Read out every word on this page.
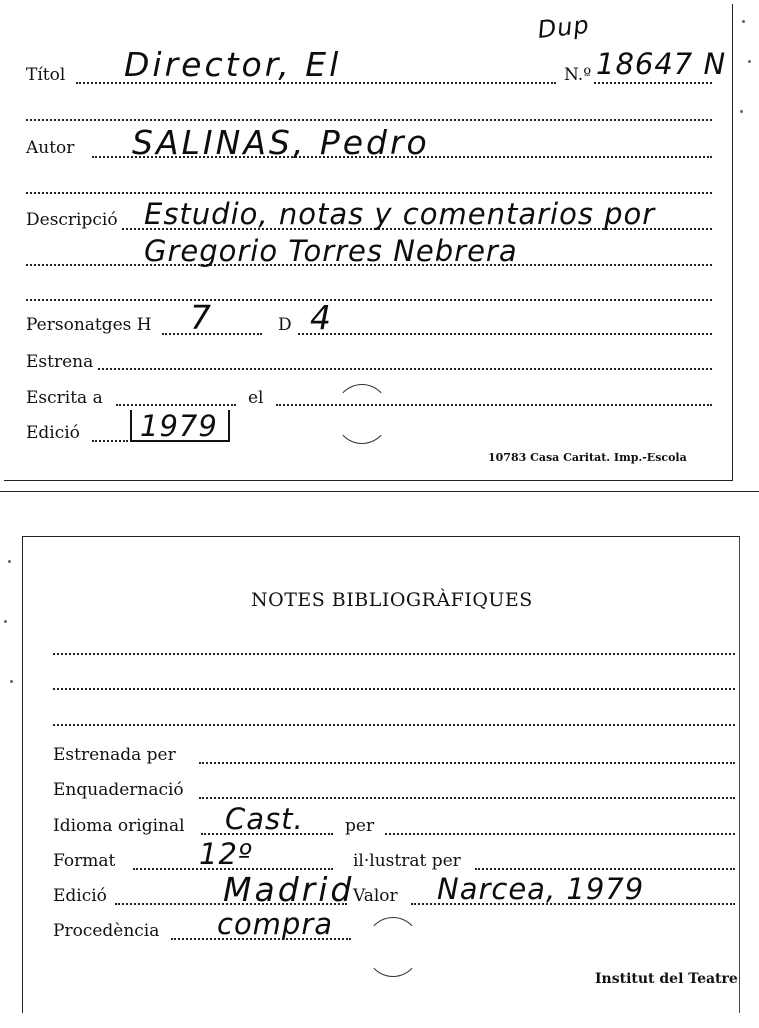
Títol Director, El
Dup
N.º 18647 N
Autor SALINAS, Pedro
Descripció Estudio, notas y comentarios por
Gregorio Torres Nebrera
Personatges H 7	D 4
Estrena
Escrita a	el
Edició 1979
10783 Casa Caritat. Imp.-Escola
NOTES BIBLIOGRÀFIQUES
Estrenada per
Enquadernació
Idioma original Cast. per
Format	12º	il·lustrat per
Edició	Madrid
Valor Narcea, 1979
Procedència compra
Institut del Teatre
